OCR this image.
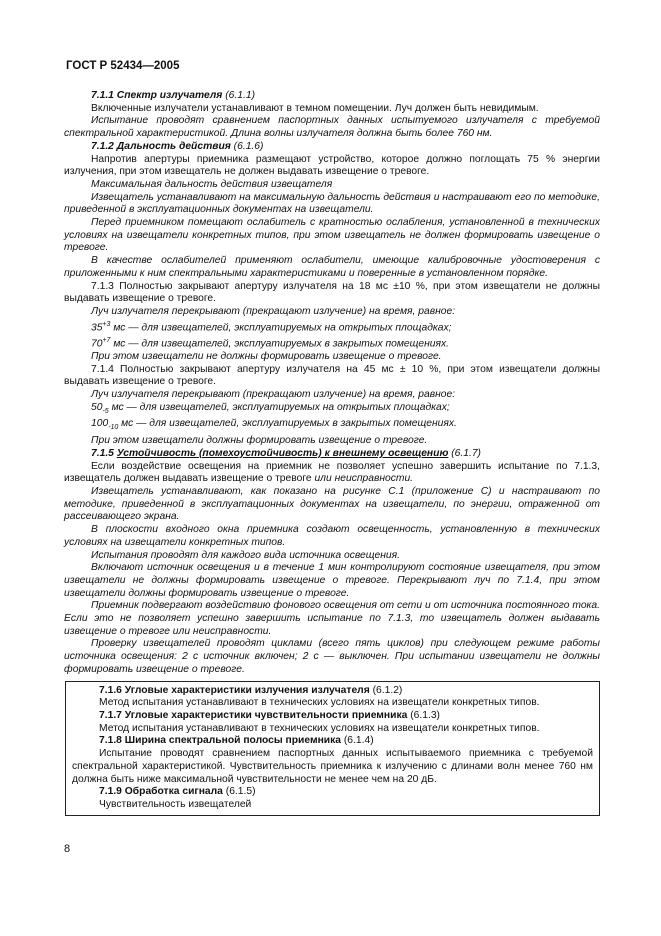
ГОСТ Р 52434—2005

7.1.1 Спектр излучателя (6.1.1)

Включенные излучатели устанавливают в темном помещении. Луч должен быть невидимым.

Испытание проводят сравнением паспортных данных испытуемого излучателя с требуемой спектральной характеристикой. Длина волны излучателя должна быть более 760 нм.

7.1.2 Дальность действия (6.1.6)

Напротив апертуры приемника размещают устройство, которое должно поглощать 75 % энергии излучения, при этом извещатель не должен выдавать извещение о тревоге.

Максимальная дальность действия извещателя

Извещатель устанавливают на максимальную дальность действия и настраивают его по методике, приведенной в эксплуатационных документах на извещатели.

Перед приемником помещают ослабитель с кратностью ослабления, установленной в технических условиях на извещатели конкретных типов, при этом извещатель не должен формировать извещение о тревоге.

В качестве ослабителей применяют ослабители, имеющие калибровочные удостоверения с приложенными к ним спектральными характеристиками и поверенные в установленном порядке.

7.1.3 Полностью закрывают апертуру излучателя на 18 мс ±10 %, при этом извещатели не должны выдавать извещение о тревоге.

Луч излучателя перекрывают (прекращают излучение) на время, равное:

$35^{+3}$ мс — для извещателей, эксплуатируемых на открытых площадках;

$70^{+7}$ мс — для извещателей, эксплуатируемых в закрытых помещениях.

При этом извещатели не должны формировать извещение о тревоге.

7.1.4 Полностью закрывают апертуру излучателя на 45 мс ± 10 %, при этом извещатели должны выдавать извещение о тревоге.

Луч излучателя перекрывают (прекращают излучение) на время, равное:

$50_{-5}$ мс — для извещателей, эксплуатируемых на открытых площадках;

$100_{-10}$ мс — для извещателей, эксплуатируемых в закрытых помещениях.

При этом извещатели должны формировать извещение о тревоге.

7.1.5 Устойчивость (помехоустойчивость) к внешнему освещению (6.1.7)

Если воздействие освещения на приемник не позволяет успешно завершить испытание по 7.1.3, извещатель должен выдавать извещение о тревоге или неисправности.

Извещатель устанавливают, как показано на рисунке С.1 (приложение С) и настраивают по методике, приведенной в эксплуатационных документах на извещатели, по энергии, отраженной от рассеивающего экрана.

В плоскости входного окна приемника создают освещенность, установленную в технических условиях на извещатели конкретных типов.

Испытания проводят для каждого вида источника освещения.

Включают источник освещения и в течение 1 мин контролируют состояние извещателя, при этом извещатели не должны формировать извещение о тревоге. Перекрывают луч по 7.1.4, при этом извещатели должны формировать извещение о тревоге.

Приемник подвергают воздействию фонового освещения от сети и от источника постоянного тока. Если это не позволяет успешно завершить испытание по 7.1.3, то извещатель должен выдавать извещение о тревоге или неисправности.

Проверку извещателей проводят циклами (всего пять циклов) при следующем режиме работы источника освещения: 2 с источник включен; 2 с — выключен. При испытании извещатели не должны формировать извещение о тревоге.

7.1.6 Угловые характеристики излучения излучателя (6.1.2)

Метод испытания устанавливают в технических условиях на извещатели конкретных типов.

7.1.7 Угловые характеристики чувствительности приемника (6.1.3)

Метод испытания устанавливают в технических условиях на извещатели конкретных типов.

7.1.8 Ширина спектральной полосы приемника (6.1.4)

Испытание проводят сравнением паспортных данных испытываемого приемника с требуемой спектральной характеристикой. Чувствительность приемника к излучению с длинами волн менее 760 нм должна быть ниже максимальной чувствительности не менее чем на 20 дБ.

7.1.9 Обработка сигнала (6.1.5)

Чувствительность извещателей

8
